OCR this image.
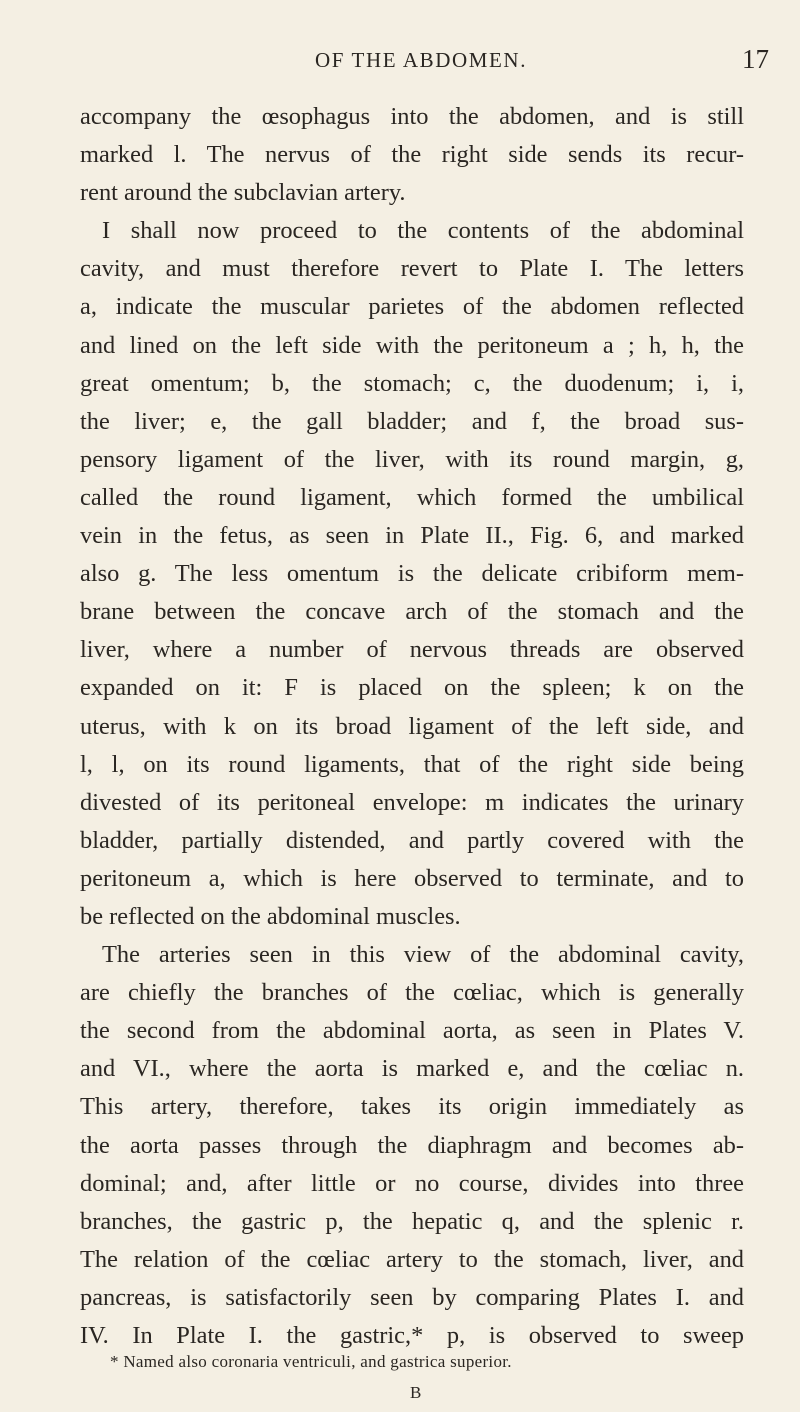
OF THE ABDOMEN.	17
accompany the œsophagus into the abdomen, and is still
marked l. The nervus of the right side sends its recur-
rent around the subclavian artery.
I shall now proceed to the contents of the abdominal
cavity, and must therefore revert to Plate I. The letters
a, indicate the muscular parietes of the abdomen reflected
and lined on the left side with the peritoneum a ; h, h, the
great omentum; b, the stomach; c, the duodenum; i, i,
the liver; e, the gall bladder; and f, the broad sus-
pensory ligament of the liver, with its round margin, g,
called the round ligament, which formed the umbilical
vein in the fetus, as seen in Plate II., Fig. 6, and marked
also g. The less omentum is the delicate cribiform mem-
brane between the concave arch of the stomach and the
liver, where a number of nervous threads are observed
expanded on it: F is placed on the spleen; k on the
uterus, with k on its broad ligament of the left side, and
l, l, on its round ligaments, that of the right side being
divested of its peritoneal envelope: m indicates the urinary
bladder, partially distended, and partly covered with the
peritoneum a, which is here observed to terminate, and to
be reflected on the abdominal muscles.
The arteries seen in this view of the abdominal cavity,
are chiefly the branches of the cœliac, which is generally
the second from the abdominal aorta, as seen in Plates V.
and VI., where the aorta is marked e, and the cœliac n.
This artery, therefore, takes its origin immediately as
the aorta passes through the diaphragm and becomes ab-
dominal; and, after little or no course, divides into three
branches, the gastric p, the hepatic q, and the splenic r.
The relation of the cœliac artery to the stomach, liver, and
pancreas, is satisfactorily seen by comparing Plates I. and
IV. In Plate I. the gastric,* p, is observed to sweep
* Named also coronaria ventriculi, and gastrica superior.
B
